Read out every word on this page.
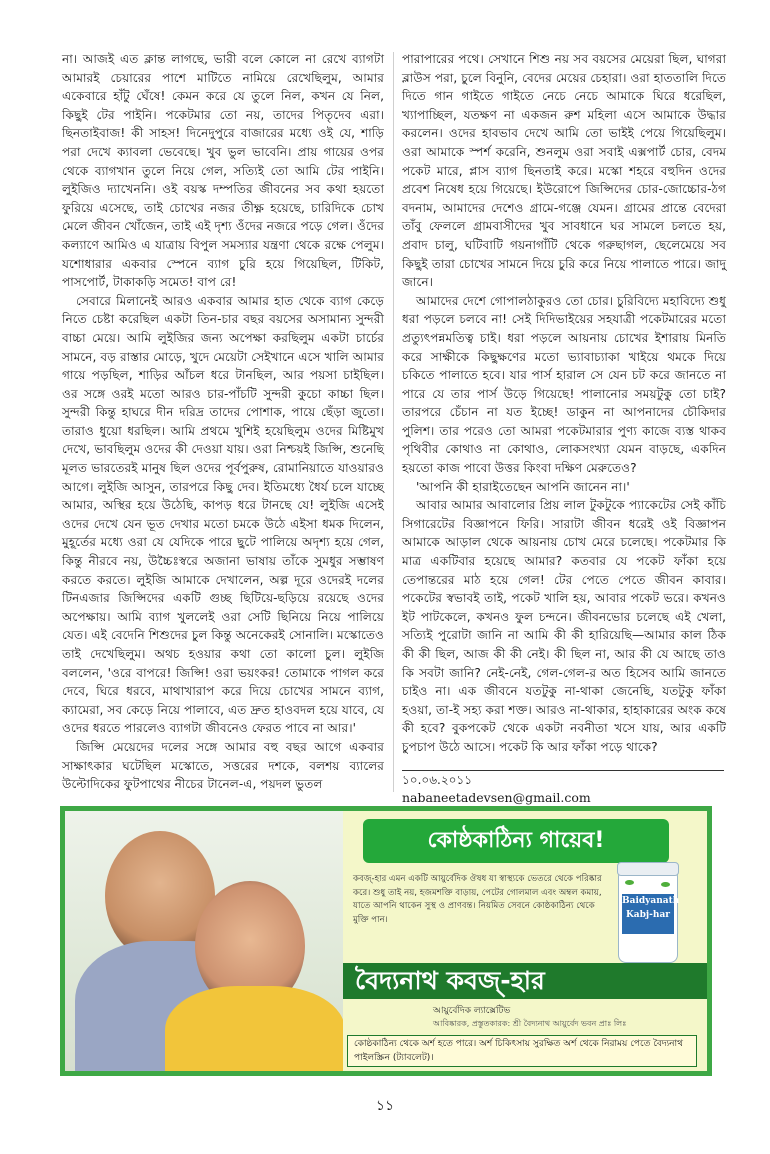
না। আজই এত ক্লান্ত লাগছে, ভারী বলে কোলে না রেখে ব্যাগটা আমারই চেয়ারের পাশে মাটিতে নামিয়ে রেখেছিলুম, আমার একেবারে হাঁটু ঘেঁষে! কেমন করে যে তুলে নিল, কখন যে নিল, কিছুই টের পাইনি। পকেটমার তো নয়, তাদের পিতৃদেব এরা। ছিনতাইবাজ! কী সাহস! দিনেদুপুরে বাজারের মধ্যে ওই যে, শাড়ি পরা দেখে ক্যাবলা ভেবেছে। খুব ভুল ভাবেনি। প্রায় গায়ের ওপর থেকে ব্যাগখান তুলে নিয়ে গেল, সত্যিই তো আমি টের পাইনি। লুইজিও দ্যাখেননি। ওই বয়স্ক দম্পতির জীবনের সব কথা হয়তো ফুরিয়ে এসেছে, তাই চোখের নজর তীক্ষ্ণ হয়েছে, চারিদিকে চোখ মেলে জীবন খোঁজেন, তাই এই দৃশ্য ওঁদের নজরে পড়ে গেল। ওঁদের কল্যাণে আমিও এ যাত্রায় বিপুল সমস্যার যন্ত্রণা থেকে রক্ষে পেলুম। যশোধারার একবার স্পেনে ব্যাগ চুরি হয়ে গিয়েছিল, টিকিট, পাসপোর্ট, টাকাকড়ি সমেত! বাপ রে!

সেবারে মিলানেই আরও একবার আমার হাত থেকে ব্যাগ কেড়ে নিতে চেষ্টা করেছিল একটা তিন-চার বছর বয়সের অসামান্য সুন্দরী বাচ্চা মেয়ে। আমি লুইজির জন্য অপেক্ষা করছিলুম একটা চার্চের সামনে, বড় রাস্তার মোড়ে, খুদে মেয়েটা সেইখানে এসে খালি আমার গায়ে পড়ছিল, শাড়ির আঁচল ধরে টানছিল, আর পয়সা চাইছিল। ওর সঙ্গে ওরই মতো আরও চার-পাঁচটি সুন্দরী কুচো কাচ্চা ছিল। সুন্দরী কিন্তু হাঘরে দীন দরিদ্র তাদের পোশাক, পায়ে ছেঁড়া জুতো। তারাও ধুয়ো ধরছিল। আমি প্রথমে খুশিই হয়েছিলুম ওদের মিষ্টিমুখ দেখে, ভাবছিলুম ওদের কী দেওয়া যায়। ওরা নিশ্চয়ই জিপ্সি, শুনেছি মূলত ভারতেরই মানুষ ছিল ওদের পূর্বপুরুষ, রোমানিয়াতে যাওয়ারও আগে। লুইজি আসুন, তারপরে কিছু দেব। ইতিমধ্যে ধৈর্য চলে যাচ্ছে আমার, অস্থির হয়ে উঠেছি, কাপড় ধরে টানছে যে! লুইজি এসেই ওদের দেখে যেন ভূত দেখার মতো চমকে উঠে এইসা ধমক দিলেন, মুহূর্তের মধ্যে ওরা যে যেদিকে পারে ছুটে পালিয়ে অদৃশ্য হয়ে গেল, কিন্তু নীরবে নয়, উচ্চৈঃস্বরে অজানা ভাষায় তাঁকে সুমধুর সম্ভাষণ করতে করতে। লুইজি আমাকে দেখালেন, অল্প দূরে ওদেরই দলের টিনএজার জিপ্সিদের একটি গুচ্ছ ছিটিয়ে-ছড়িয়ে রয়েছে ওদের অপেক্ষায়। আমি ব্যাগ খুললেই ওরা সেটি ছিনিয়ে নিয়ে পালিয়ে যেত। এই বেদেনি শিশুদের চুল কিন্তু অনেকেরই সোনালি। মস্কোতেও তাই দেখেছিলুম। অথচ হওয়ার কথা তো কালো চুল। লুইজি বললেন, 'ওরে বাপরে! জিপ্সি! ওরা ভয়ংকর! তোমাকে পাগল করে দেবে, ঘিরে ধরবে, মাথাখারাপ করে দিয়ে চোখের সামনে ব্যাগ, ক্যামেরা, সব কেড়ে নিয়ে পালাবে, এত দ্রুত হাওবদল হয়ে যাবে, যে ওদের ধরতে পারলেও ব্যাগটা জীবনেও ফেরত পাবে না আর।'

জিপ্সি মেয়েদের দলের সঙ্গে আমার বহু বছর আগে একবার সাক্ষাৎকার ঘটেছিল মস্কোতে, সত্তরের দশকে, বলশয় ব্যালের উল্টোদিকের ফুটপাথের নীচের টানেল-এ, পয়দল ভুতল

পারাপারের পথে। সেখানে শিশু নয় সব বয়সের মেয়েরা ছিল, ঘাগরা ব্লাউস পরা, চুলে বিনুনি, বেদের মেয়ের চেহারা। ওরা হাততালি দিতে দিতে গান গাইতে গাইতে নেচে নেচে আমাকে ঘিরে ধরেছিল, খ্যাপাচ্ছিল, যতক্ষণ না একজন রুশ মহিলা এসে আমাকে উদ্ধার করলেন। ওদের হাবভাব দেখে আমি তো ভাইই পেয়ে গিয়েছিলুম। ওরা আমাকে স্পর্শ করেনি, শুনলুম ওরা সবাই এক্সপার্ট চোর, বেদম পকেট মারে, প্লাস ব্যাগ ছিনতাই করে। মস্কো শহরে বহুদিন ওদের প্রবেশ নিষেধ হয়ে গিয়েছে। ইউরোপে জিপ্সিদের চোর-জোচ্চোর-ঠগ বদনাম, আমাদের দেশেও গ্রামে-গঞ্জে যেমন। গ্রামের প্রান্তে বেদেরা তাঁবু ফেললে গ্রামবাসীদের খুব সাবধানে ঘর সামলে চলতে হয়, প্রবাদ চালু, ঘটিবাটি গয়নাগাঁটি থেকে গরুছাগল, ছেলেমেয়ে সব কিছুই তারা চোখের সামনে দিয়ে চুরি করে নিয়ে পালাতে পারে। জাদু জানে।

আমাদের দেশে গোপালঠাকুরও তো চোর। চুরিবিদ্যে মহাবিদ্যে শুধু ধরা পড়লে চলবে না! সেই দিদিভাইয়ের সহযাত্রী পকেটমারের মতো প্রত্যুৎপন্নমতিত্ব চাই। ধরা পড়লে আয়নায় চোখের ইশারায় মিনতি করে সাক্ষীকে কিছুক্ষণের মতো ভ্যাবাচ্যাকা খাইয়ে থমকে দিয়ে চকিতে পালাতে হবে। যার পার্স হারাল সে যেন চট করে জানতে না পারে যে তার পার্স উড়ে গিয়েছে! পালানোর সময়টুকু তো চাই? তারপরে চেঁচান না যত ইচ্ছে! ডাকুন না আপনাদের চৌকিদার পুলিশ। তার পরেও তো আমরা পকেটমারার পুণ্য কাজে ব্যস্ত থাকব পৃথিবীর কোথাও না কোথাও, লোকসংখ্যা যেমন বাড়ছে, একদিন হয়তো কাজ পাবো উত্তর কিংবা দক্ষিণ মেরুতেও?

'আপনি কী হারাইতেছেন আপনি জানেন না।'

আবার আমার আবালোর প্রিয় লাল টুকটুকে প্যাকেটের সেই কাঁচি সিগারেটের বিজ্ঞাপনে ফিরি। সারাটা জীবন ধরেই ওই বিজ্ঞাপন আমাকে আড়াল থেকে আয়নায় চোখ মেরে চলেছে। পকেটমার কি মাত্র একটিবার হয়েছে আমার? কতবার যে পকেট ফাঁকা হয়ে তেপান্তরের মাঠ হয়ে গেল! টের পেতে পেতে জীবন কাবার। পকেটের স্বভাবই তাই, পকেট খালি হয়, আবার পকেট ভরে। কখনও ইট পাটকেলে, কখনও ফুল চন্দনে। জীবনভোর চলেছে এই খেলা, সত্যিই পুরোটা জানি না আমি কী কী হারিয়েছি—আমার কাল ঠিক কী কী ছিল, আজ কী কী নেই। কী ছিল না, আর কী যে আছে তাও কি সবটা জানি? নেই-নেই, গেল-গেল-র অত হিসেব আমি জানতে চাইও না। এক জীবনে যতটুকু না-থাকা জেনেছি, যতটুকু ফাঁকা হওয়া, তা-ই সহ্য করা শক্ত। আরও না-থাকার, হাহাকারের অংক কষে কী হবে? বুকপকেট থেকে একটা নবনীতা খসে যায়, আর একটি চুপচাপ উঠে আসে। পকেট কি আর ফাঁকা পড়ে থাকে?

১০.০৬.২০১১
nabaneetadevsen@gmail.com
কোষ্ঠকাঠিন্য গায়েব!
কবজ্-হার এমন একটি আয়ুর্বেদিক ঔষধ যা স্বাস্থ্যকে ভেতরে থেকে পরিষ্কার করে। শুধু তাই নয়, হজমশক্তি বাড়ায়, পেটের গোলমাল এবং অম্বল কমায়, যাতে আপনি থাকেন সুস্থ ও প্রাণবন্ত। নিয়মিত সেবনে কোষ্ঠকাঠিন্য থেকে মুক্তি পান।
Baidyanath
Kabj-har
বৈদ্যনাথ কবজ্-হার
আয়ুর্বেদিক ল্যাক্সেটিভ
আবিষ্কারক, প্রস্তুতকারক: শ্রী বৈদ্যনাথ আয়ুর্বেদ ভবন প্রাঃ লিঃ
কোষ্ঠকাঠিন্য থেকে অর্শ হতে পারে। অর্শ চিকিৎসায় সুরক্ষিত অর্শ থেকে নিরাময় পেতে বৈদ্যনাথ পাইলস্ক্রিন (ট্যাবলেট)।
১১
